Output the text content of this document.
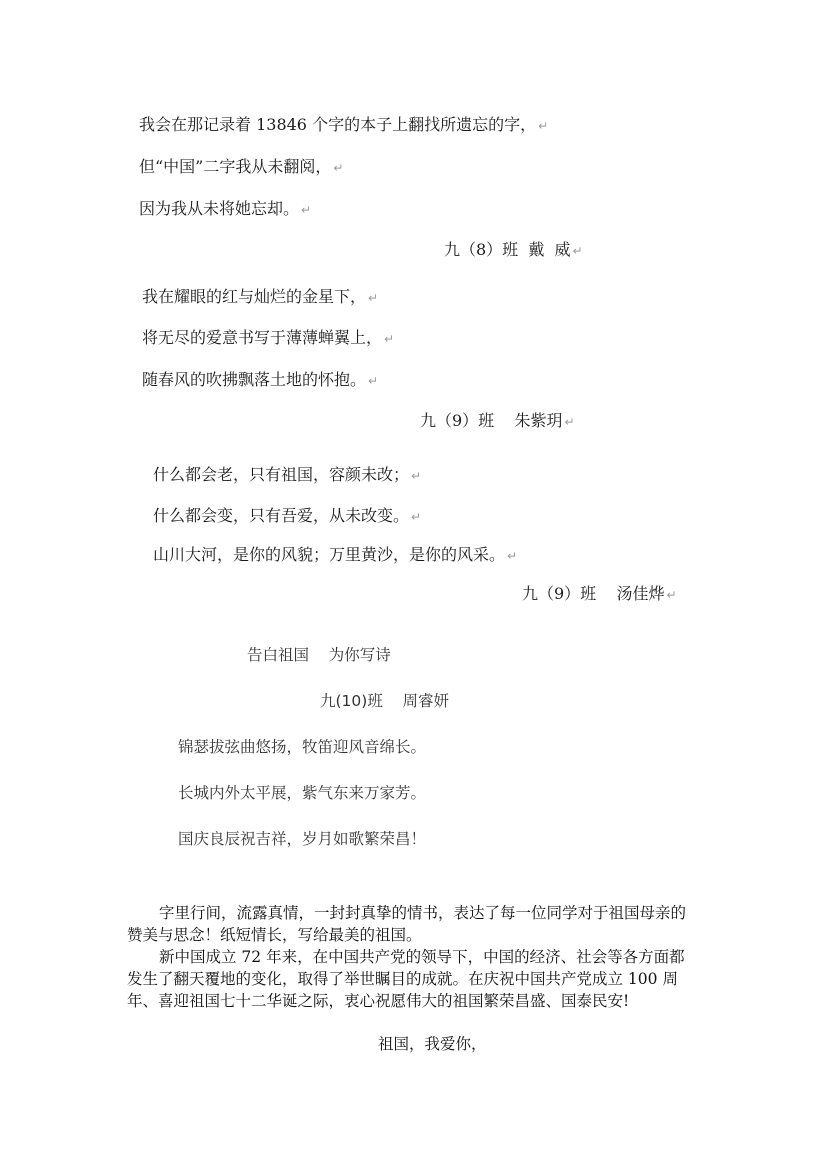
我会在那记录着 13846 个字的本子上翻找所遗忘的字， ↵
但“中国”二字我从未翻阅， ↵
因为我从未将她忘却。 ↵
九（8）班  戴  威 ↵
我在耀眼的红与灿烂的金星下， ↵
将无尽的爱意书写于薄薄蝉翼上， ↵
随春风的吹拂飘落土地的怀抱。 ↵
九（9）班    朱紫玥 ↵
什么都会老，只有祖国，容颜未改； ↵
什么都会变，只有吾爱，从未改变。 ↵
山川大河，是你的风貌；万里黄沙，是你的风采。 ↵
九（9）班    汤佳烨 ↵
告白祖国    为你写诗
九(10)班    周睿妍
锦瑟拔弦曲悠扬，牧笛迎风音绵长。
长城内外太平展，紫气东来万家芳。
国庆良辰祝吉祥，岁月如歌繁荣昌！

字里行间，流露真情，一封封真挚的情书，表达了每一位同学对于祖国母亲的赞美与思念！纸短情长，写给最美的祖国。

新中国成立 72 年来，在中国共产党的领导下，中国的经济、社会等各方面都发生了翻天覆地的变化，取得了举世瞩目的成就。在庆祝中国共产党成立 100 周年、喜迎祖国七十二华诞之际，衷心祝愿伟大的祖国繁荣昌盛、国泰民安!

祖国，我爱你，
